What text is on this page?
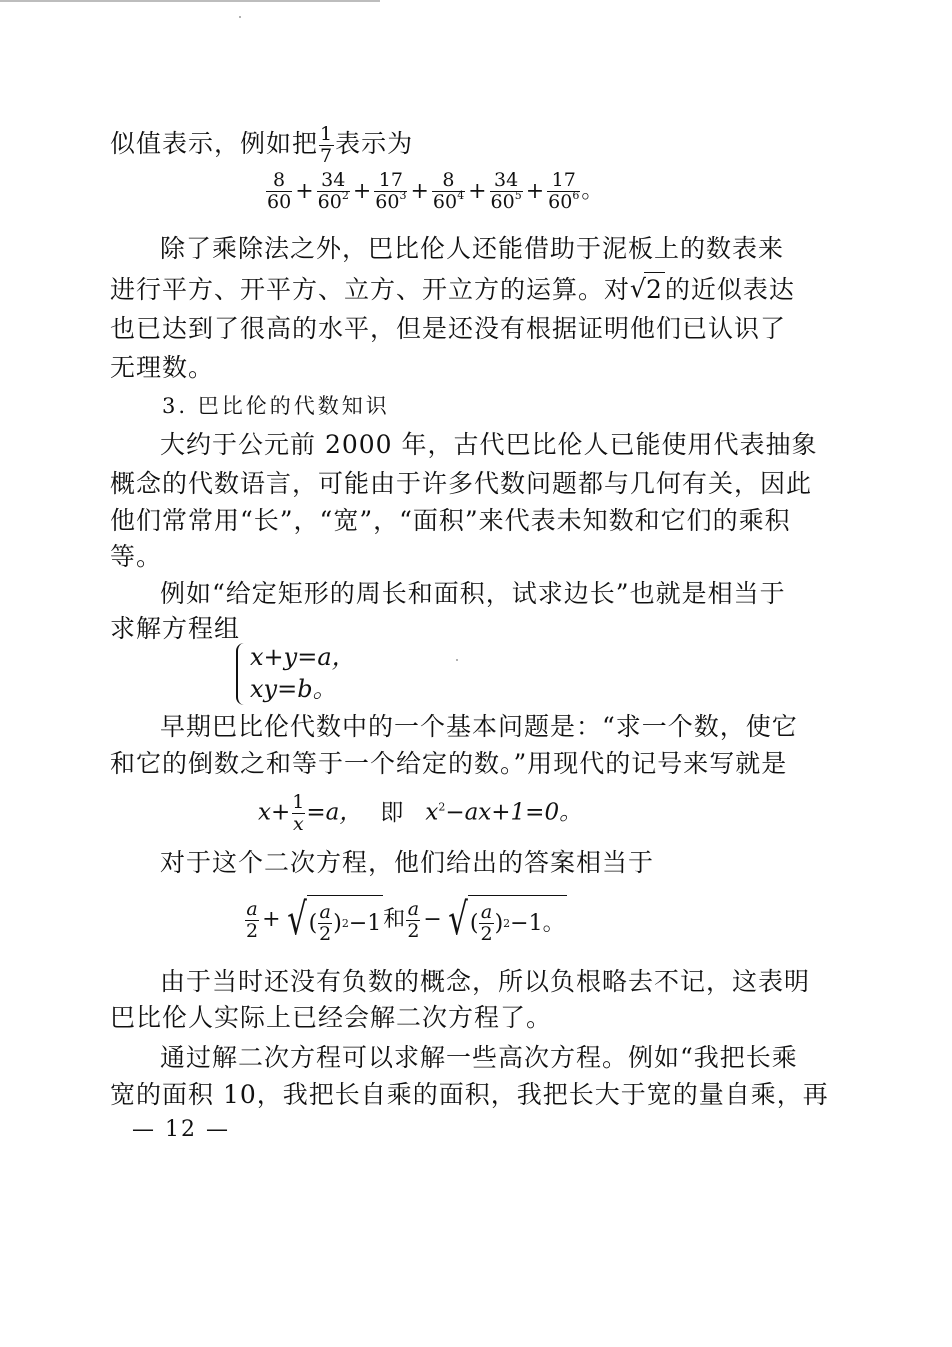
似值表示，例如把 $\frac{1}{7}$ 表示为
$\frac{8}{60} + \frac{34}{60^2} + \frac{17}{60^3} + \frac{8}{60^4} + \frac{34}{60^5} + \frac{17}{60^6}$ 。
除了乘除法之外，巴比伦人还能借助于泥板上的数表来
进行平方、开平方、立方、开立方的运算。对 √ 2的近似表达
也已达到了很高的水平，但是还没有根据证明他们已认识了
无理数。
3. 巴比伦的代数知识
大约于公元前 2000 年，古代巴比伦人已能使用代表抽象
概念的代数语言，可能由于许多代数问题都与几何有关，因此
他们常常用“长”，“宽”，“面积”来代表未知数和它们的乘积
等。
例如“给定矩形的周长和面积，试求边长”也就是相当于
求解方程组
x+y=a，
xy=b。
早期巴比伦代数中的一个基本问题是：“求一个数，使它
和它的倒数之和等于一个给定的数。”用现代的记号来写就是
$x+ \frac{1}{x} =a$， 即 $x^2-ax+1=0$。
对于这个二次方程，他们给出的答案相当于
$\frac{a}{2}$ + √ ( $\frac{a}{2}$ ) 2 −1 和 $\frac{a}{2}$ − √ ( $\frac{a}{2}$ ) 2 −1。
由于当时还没有负数的概念，所以负根略去不记，这表明
巴比伦人实际上已经会解二次方程了。
通过解二次方程可以求解一些高次方程。例如“我把长乘
宽的面积 10，我把长自乘的面积，我把长大于宽的量自乘，再
— 12 —
